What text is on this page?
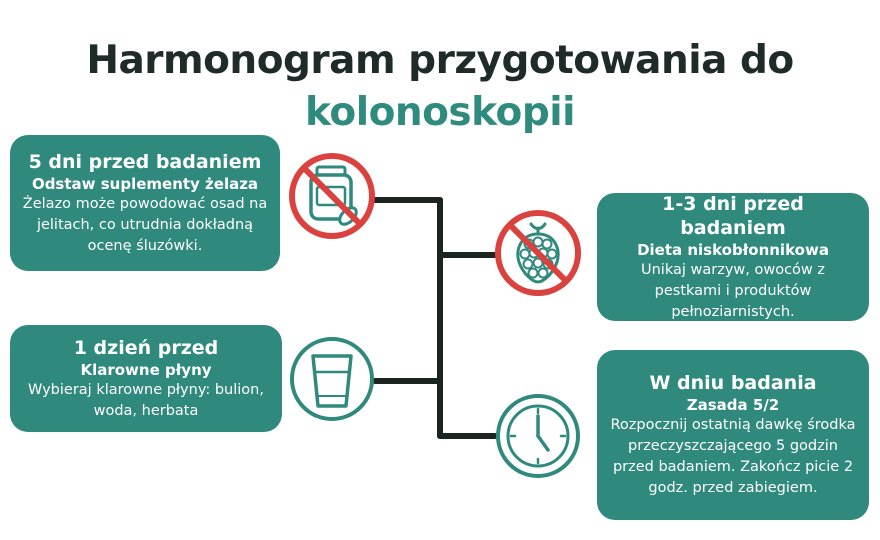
Harmonogram przygotowania do
kolonoskopii
5 dni przed badaniem
Odstaw suplementy żelaza
Żelazo może powodować osad na jelitach, co utrudnia dokładną ocenę śluzówki.
1 dzień przed
Klarowne płyny
Wybieraj klarowne płyny: bulion, woda, herbata
1-3 dni przed badaniem
Dieta niskobłonnikowa
Unikaj warzyw, owoców z pestkami i produktów pełnoziarnistych.
W dniu badania
Zasada 5/2
Rozpocznij ostatnią dawkę środka przeczyszczającego 5 godzin przed badaniem. Zakończ picie 2 godz. przed zabiegiem.
